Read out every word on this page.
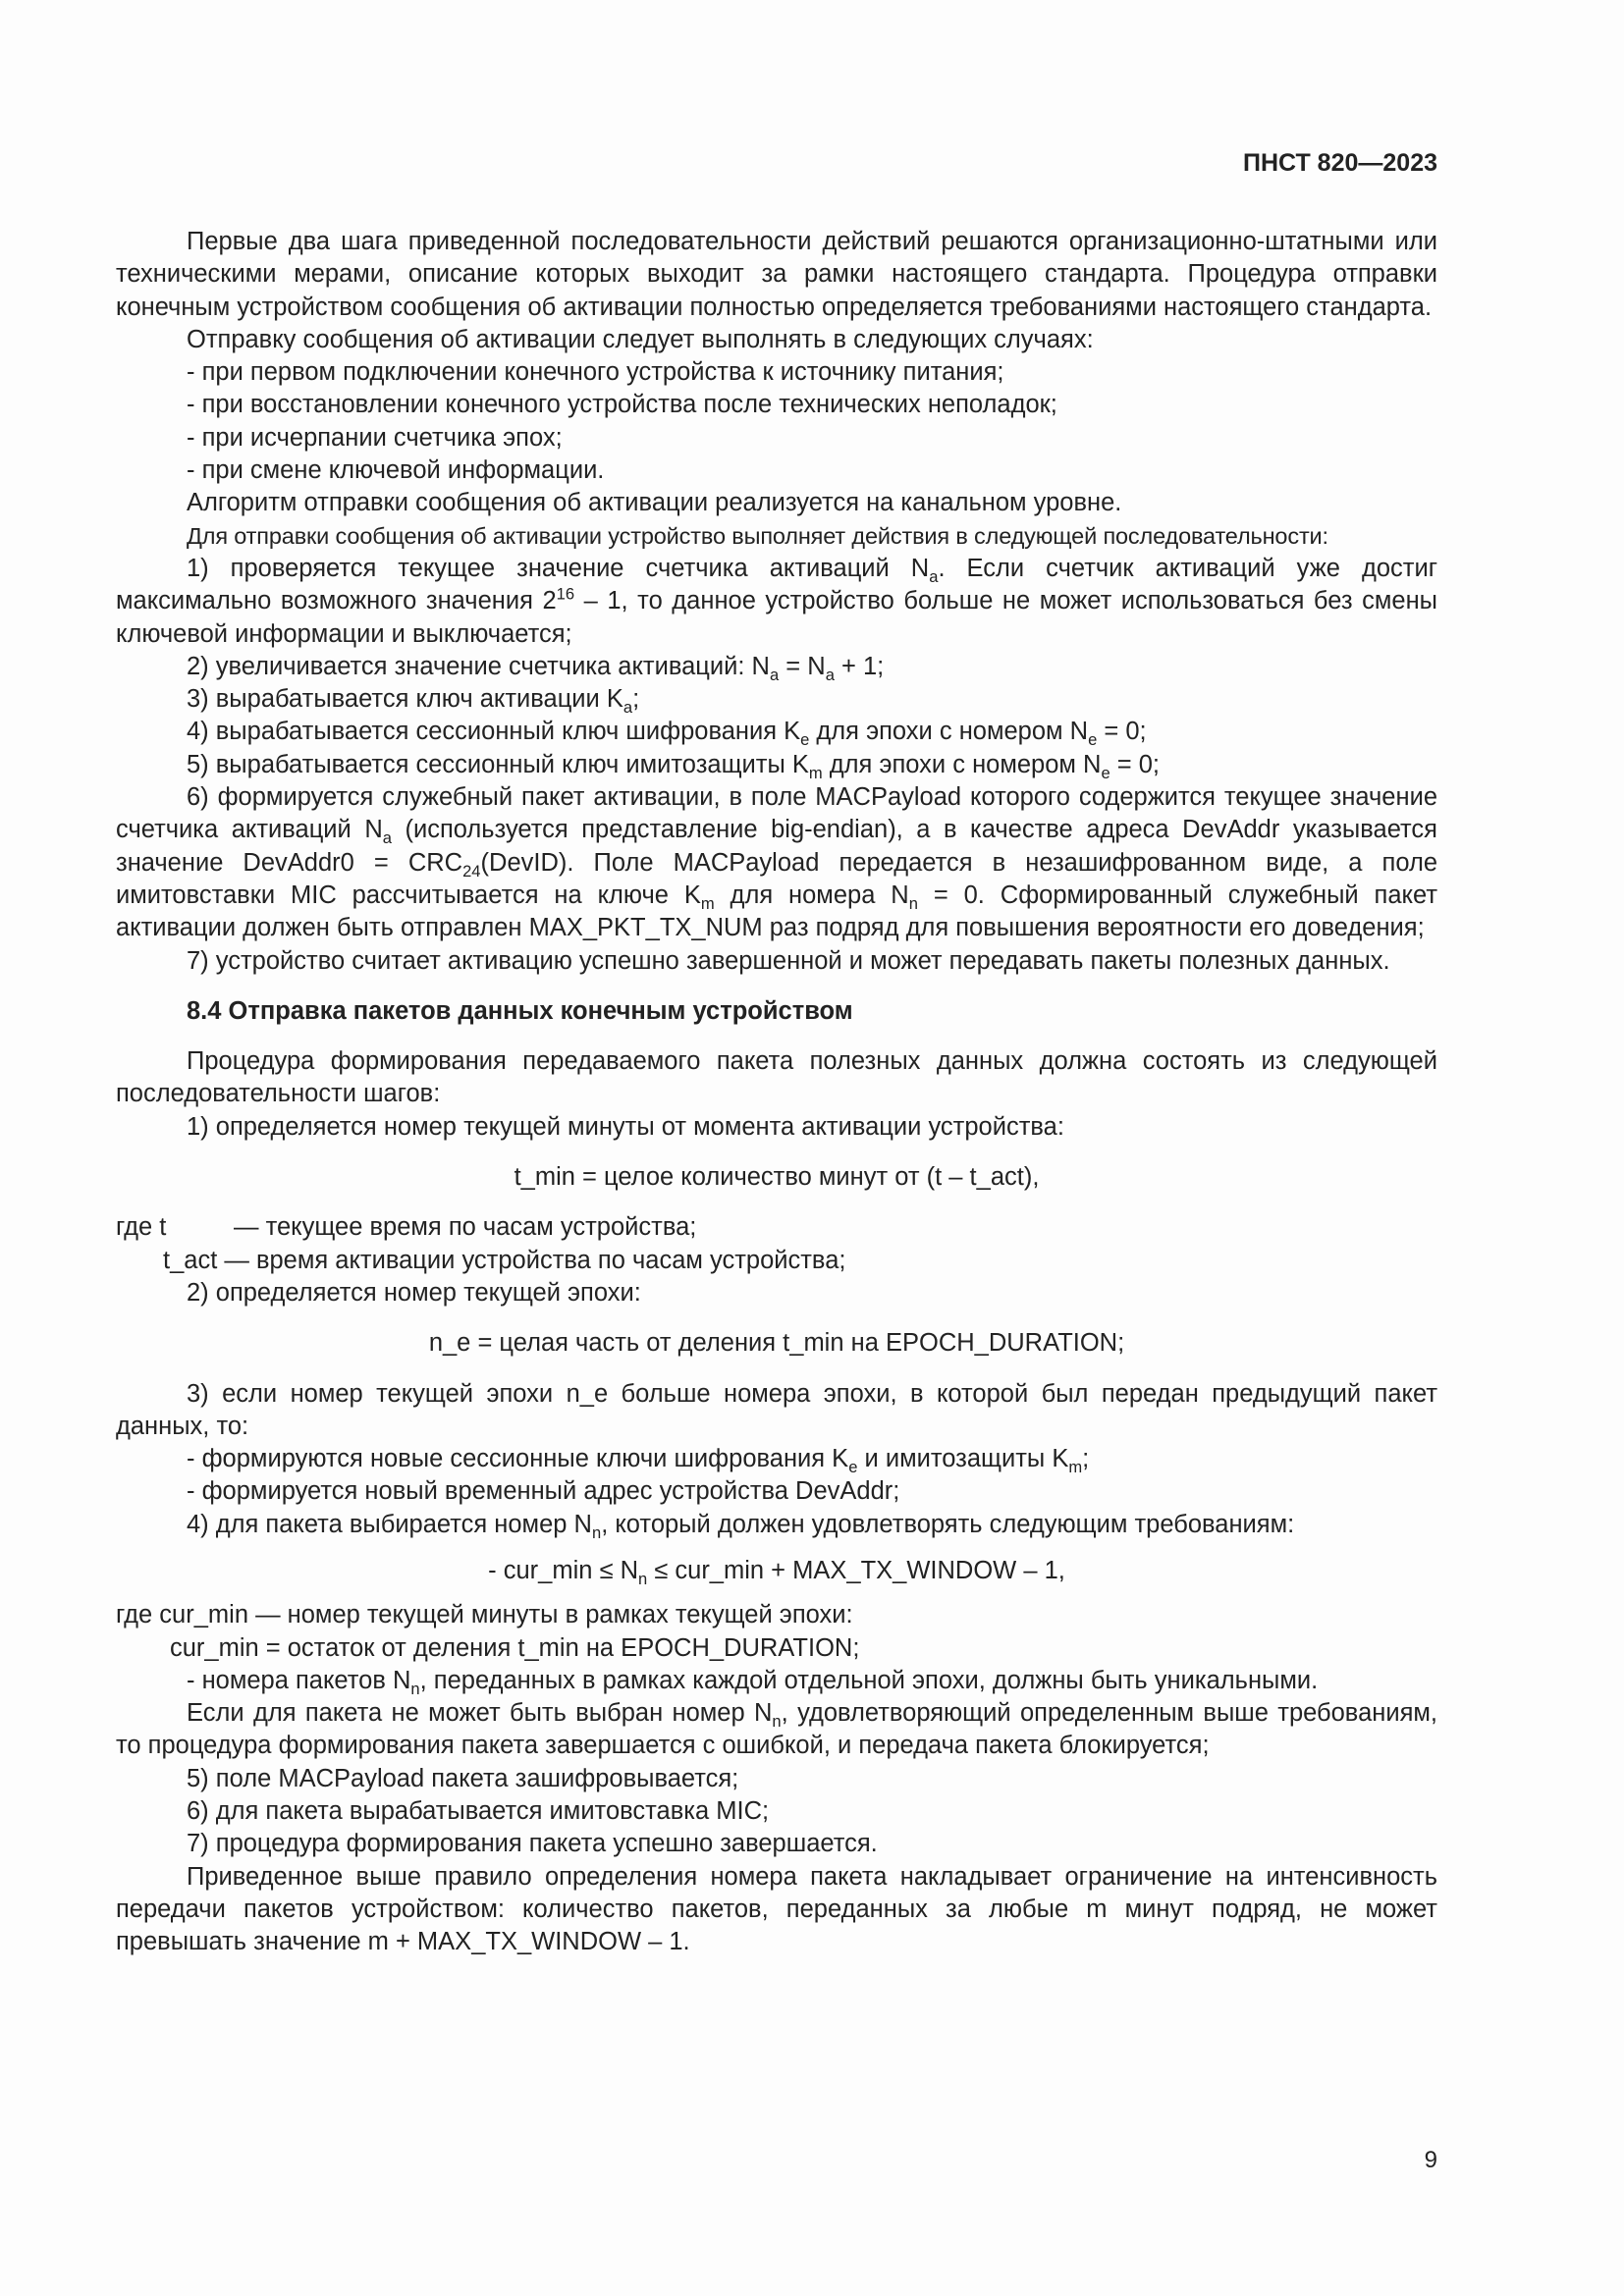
ПНСТ 820—2023

Первые два шага приведенной последовательности действий решаются организационно-штатными или техническими мерами, описание которых выходит за рамки настоящего стандарта. Процедура отправки конечным устройством сообщения об активации полностью определяется требованиями настоящего стандарта.

Отправку сообщения об активации следует выполнять в следующих случаях:

- при первом подключении конечного устройства к источнику питания;

- при восстановлении конечного устройства после технических неполадок;

- при исчерпании счетчика эпох;

- при смене ключевой информации.

Алгоритм отправки сообщения об активации реализуется на канальном уровне.

Для отправки сообщения об активации устройство выполняет действия в следующей последовательности:

1) проверяется текущее значение счетчика активаций $N_a$. Если счетчик активаций уже достиг максимально возможного значения $2^{16} - 1$, то данное устройство больше не может использоваться без смены ключевой информации и выключается;

2) увеличивается значение счетчика активаций: $N_a = N_a + 1$;

3) вырабатывается ключ активации $K_a$;

4) вырабатывается сессионный ключ шифрования $K_e$ для эпохи с номером $N_e = 0$;

5) вырабатывается сессионный ключ имитозащиты $K_m$ для эпохи с номером $N_e = 0$;

6) формируется служебный пакет активации, в поле MACPayload которого содержится текущее значение счетчика активаций $N_a$ (используется представление big-endian), а в качестве адреса DevAddr указывается значение DevAddr0 = $CRC_{24}(DevID)$. Поле MACPayload передается в незашифрованном виде, а поле имитовставки MIC рассчитывается на ключе $K_m$ для номера $N_n = 0$. Сформированный служебный пакет активации должен быть отправлен MAX_PKT_TX_NUM раз подряд для повышения вероятности его доведения;

7) устройство считает активацию успешно завершенной и может передавать пакеты полезных данных.

8.4 Отправка пакетов данных конечным устройством

Процедура формирования передаваемого пакета полезных данных должна состоять из следующей последовательности шагов:

1) определяется номер текущей минуты от момента активации устройства:

t_min = целое количество минут от (t – t_act),

где t	— текущее время по часам устройства;

t_act — время активации устройства по часам устройства;

2) определяется номер текущей эпохи:

n_e = целая часть от деления t_min на EPOCH_DURATION;

3) если номер текущей эпохи n_e больше номера эпохи, в которой был передан предыдущий пакет данных, то:

- формируются новые сессионные ключи шифрования $K_e$ и имитозащиты $K_m$;

- формируется новый временный адрес устройства DevAddr;

4) для пакета выбирается номер $N_n$, который должен удовлетворять следующим требованиям:

- cur_min ≤ $N_n$ ≤ cur_min + MAX_TX_WINDOW – 1,

где cur_min — номер текущей минуты в рамках текущей эпохи:

cur_min = остаток от деления t_min на EPOCH_DURATION;

- номера пакетов $N_n$, переданных в рамках каждой отдельной эпохи, должны быть уникальными.

Если для пакета не может быть выбран номер $N_n$, удовлетворяющий определенным выше требованиям, то процедура формирования пакета завершается с ошибкой, и передача пакета блокируется;

5) поле MACPayload пакета зашифровывается;

6) для пакета вырабатывается имитовставка MIC;

7) процедура формирования пакета успешно завершается.

Приведенное выше правило определения номера пакета накладывает ограничение на интенсивность передачи пакетов устройством: количество пакетов, переданных за любые m минут подряд, не может превышать значение m + MAX_TX_WINDOW – 1.

9
